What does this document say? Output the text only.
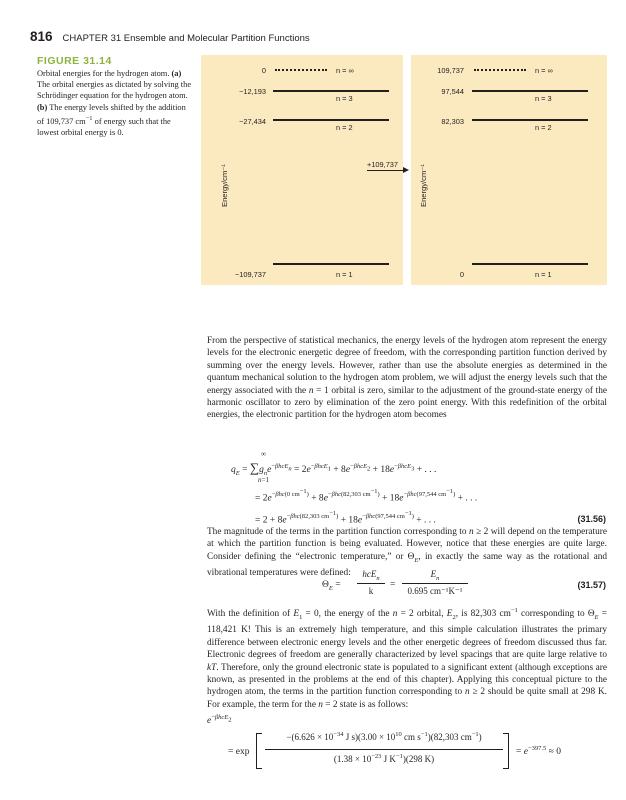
816 CHAPTER 31 Ensemble and Molecular Partition Functions
FIGURE 31.14
Orbital energies for the hydrogen atom. (a) The orbital energies as dictated by solving the Schrödinger equation for the hydrogen atom. (b) The energy levels shifted by the addition of 109,737 $cm^{-1}$ of energy such that the lowest orbital energy is 0.
Energy/cm⁻¹
0	n = ∞
−12,193
n = 3
−27,434
n = 2
−109,737	n = 1
+109,737	Energy/cm⁻¹
109,737	n = ∞
97,544
n = 3
82,303
n = 2
0	n = 1
From the perspective of statistical mechanics, the energy levels of the hydrogen atom represent the energy levels for the electronic energetic degree of freedom, with the corresponding partition function derived by summing over the energy levels. However, rather than use the absolute energies as determined in the quantum mechanical solution to the hydrogen atom problem, we will adjust the energy levels such that the energy associated with the n = 1 orbital is zero, similar to the adjustment of the ground-state energy of the harmonic oscillator to zero by elimination of the zero point energy. With this redefinition of the orbital energies, the electronic partition for the hydrogen atom becomes
$q_E = \sum g_ne^{-\beta hcE_n} = 2e^{-\beta hcE_1} + 8e^{-\beta hcE_2} + 18e^{-\beta hcE_3}$ + . . .
∞
n=1
= $2e^{-\beta hc(0 cm^{-1})} + 8e^{-\beta hc(82,303 cm^{-1})} + 18e^{-\beta hc(97,544 cm^{-1})}$ + . . .
= $2 + 8e^{-\beta hc(82,303 cm^{-1})} + 18e^{-\beta hc(97,544 cm^{-1})}$ + . . .	(31.56)
The magnitude of the terms in the partition function corresponding to n ≥ 2 will depend on the temperature at which the partition function is being evaluated. However, notice that these energies are quite large. Consider defining the “electronic temperature,” or $\Theta_E$, in exactly the same way as the rotational and vibrational temperatures were defined:
$\Theta_E$ =
hcE$_n$
k
=
$E_n$
0.695 cm⁻¹K⁻¹
(31.57)
With the definition of $E_1 = 0$, the energy of the n = 2 orbital, $E_2$, is 82,303 $cm^{-1}$ corresponding to $\Theta_E = 118,421$ K! This is an extremely high temperature, and this simple calculation illustrates the primary difference between electronic energy levels and the other energetic degrees of freedom discussed thus far. Electronic degrees of freedom are generally characterized by level spacings that are quite large relative to kT. Therefore, only the ground electronic state is populated to a significant extent (although exceptions are known, as presented in the problems at the end of this chapter). Applying this conceptual picture to the hydrogen atom, the terms in the partition function corresponding to n ≥ 2 should be quite small at 298 K. For example, the term for the n = 2 state is as follows:
$e^{-\beta hcE_2}$
= exp
$-(6.626 \times 10^{-34}$ J $s)(3.00 \times 10^{10}$ cm $s^{-1})(82,303$ $cm^{-1}$)
($1.38 \times 10^{-23}$ J $K^{-1})(298$ K)
= $e^{-397.5} \approx 0$
